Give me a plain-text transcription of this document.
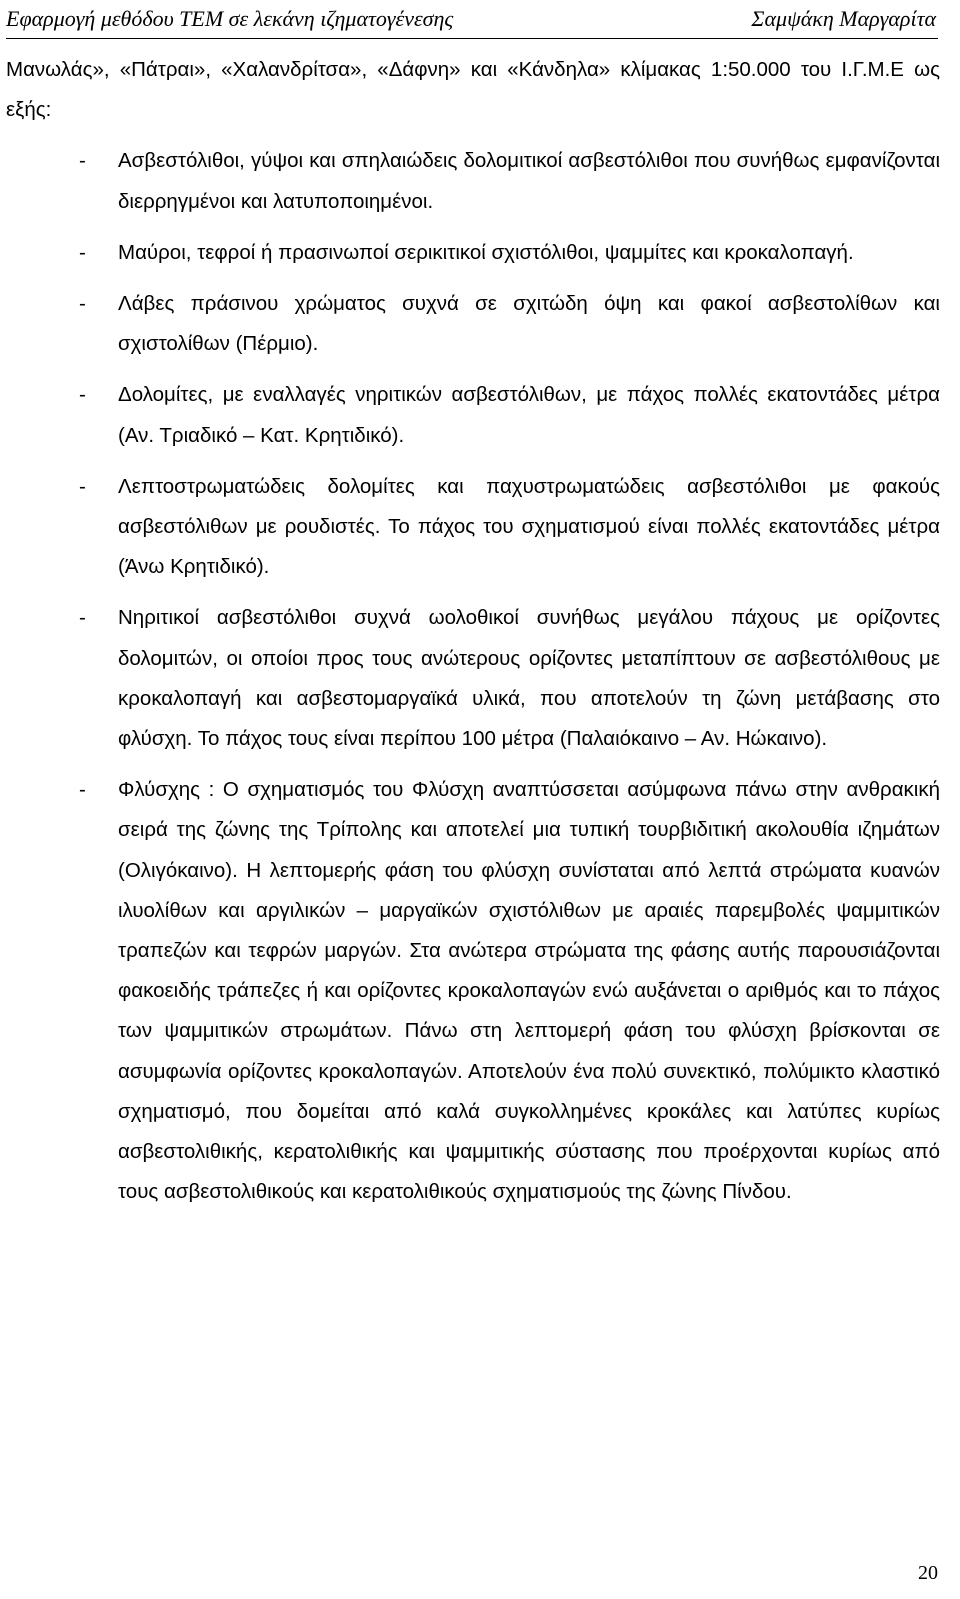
Εφαρμογή μεθόδου ΤΕΜ σε λεκάνη ιζηματογένεσης	Σαμψάκη Μαργαρίτα

Μανωλάς», «Πάτραι», «Χαλανδρίτσα», «Δάφνη» και «Κάνδηλα» κλίμακας 1:50.000 του Ι.Γ.Μ.Ε ως εξής:

- Ασβεστόλιθοι, γύψοι και σπηλαιώδεις δολομιτικοί ασβεστόλιθοι που συνήθως εμφανίζονται διερρηγμένοι και λατυποποιημένοι.

- Μαύροι, τεφροί ή πρασινωποί σερικιτικοί σχιστόλιθοι, ψαμμίτες και κροκαλοπαγή.

- Λάβες πράσινου χρώματος συχνά σε σχιτώδη όψη και φακοί ασβεστολίθων και σχιστολίθων (Πέρμιο).

- Δολομίτες, με εναλλαγές νηριτικών ασβεστόλιθων, με πάχος πολλές εκατοντάδες μέτρα (Αν. Τριαδικό – Κατ. Κρητιδικό).

- Λεπτοστρωματώδεις δολομίτες και παχυστρωματώδεις ασβεστόλιθοι με φακούς ασβεστόλιθων με ρουδιστές. Το πάχος του σχηματισμού είναι πολλές εκατοντάδες μέτρα (Άνω Κρητιδικό).

- Νηριτικοί ασβεστόλιθοι συχνά ωολοθικοί συνήθως μεγάλου πάχους με ορίζοντες δολομιτών, οι οποίοι προς τους ανώτερους ορίζοντες μεταπίπτουν σε ασβεστόλιθους με κροκαλοπαγή και ασβεστομαργαϊκά υλικά, που αποτελούν τη ζώνη μετάβασης στο φλύσχη. Το πάχος τους είναι περίπου 100 μέτρα (Παλαιόκαινο – Αν. Ηώκαινο).

- Φλύσχης : Ο σχηματισμός του Φλύσχη αναπτύσσεται ασύμφωνα πάνω στην ανθρακική σειρά της ζώνης της Τρίπολης και αποτελεί μια τυπική τουρβιδιτική ακολουθία ιζημάτων (Ολιγόκαινο). Η λεπτομερής φάση του φλύσχη συνίσταται από λεπτά στρώματα κυανών ιλυολίθων και αργιλικών – μαργαϊκών σχιστόλιθων με αραιές παρεμβολές ψαμμιτικών τραπεζών και τεφρών μαργών. Στα ανώτερα στρώματα της φάσης αυτής παρουσιάζονται φακοειδής τράπεζες ή και ορίζοντες κροκαλοπαγών ενώ αυξάνεται ο αριθμός και το πάχος των ψαμμιτικών στρωμάτων. Πάνω στη λεπτομερή φάση του φλύσχη βρίσκονται σε ασυμφωνία ορίζοντες κροκαλοπαγών. Αποτελούν ένα πολύ συνεκτικό, πολύμικτο κλαστικό σχηματισμό, που δομείται από καλά συγκολλημένες κροκάλες και λατύπες κυρίως ασβεστολιθικής, κερατολιθικής και ψαμμιτικής σύστασης που προέρχονται κυρίως από τους ασβεστολιθικούς και κερατολιθικούς σχηματισμούς της ζώνης Πίνδου.

20
